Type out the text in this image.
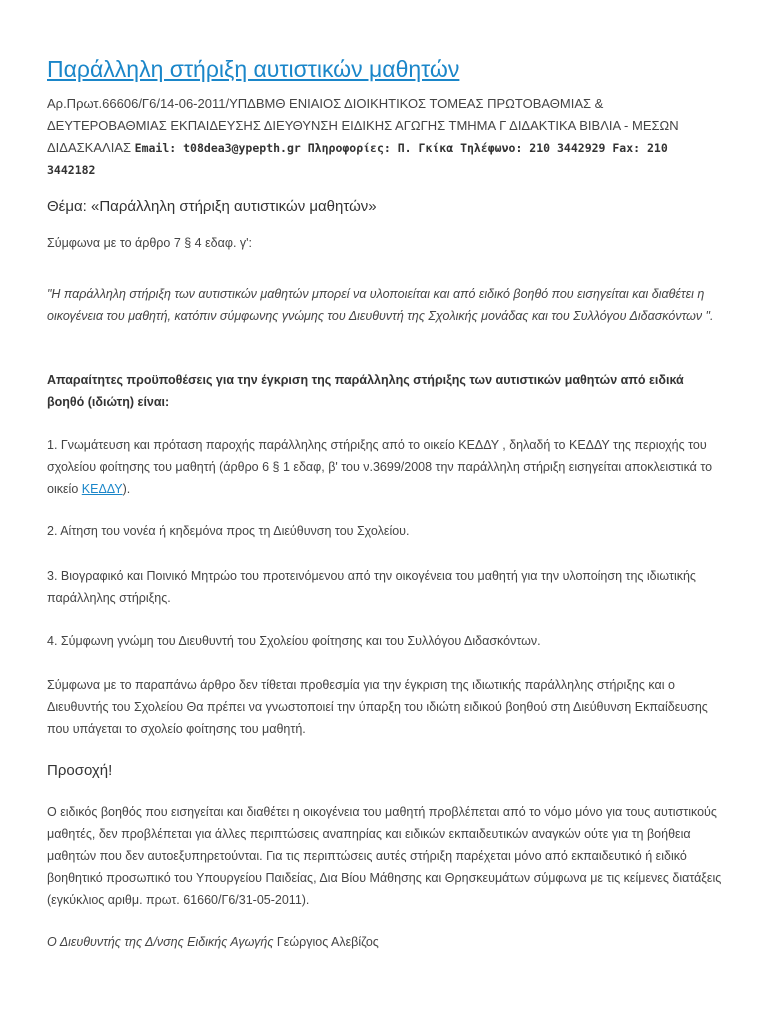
Παράλληλη στήριξη αυτιστικών μαθητών
Αρ.Πρωτ.66606/Γ6/14-06-2011/ΥΠΔΒΜΘ ΕΝΙΑΙΟΣ ΔΙΟΙΚΗΤΙΚΟΣ ΤΟΜΕΑΣ ΠΡΩΤΟΒΑΘΜΙΑΣ & ΔΕΥΤΕΡΟΒΑΘΜΙΑΣ ΕΚΠΑΙΔΕΥΣΗΣ ΔΙΕΥΘΥΝΣΗ ΕΙΔΙΚΗΣ ΑΓΩΓΗΣ ΤΜΗΜΑ Γ ΔΙΔΑΚΤΙΚΑ ΒΙΒΛΙΑ - ΜΕΣΩΝ ΔΙΔΑΣΚΑΛΙΑΣ Email: t08dea3@ypepth.gr Πληροφορίες: Π. Γκίκα Τηλέφωνο: 210 3442929 Fax: 210 3442182
Θέμα: «Παράλληλη στήριξη αυτιστικών μαθητών»

Σύμφωνα με το άρθρο 7 § 4 εδαφ. γ':

"Η παράλληλη στήριξη των αυτιστικών μαθητών μπορεί να υλοποιείται και από ειδικό βοηθό που εισηγείται και διαθέτει η οικογένεια του μαθητή, κατόπιν σύμφωνης γνώμης του Διευθυντή της Σχολικής μονάδας και του Συλλόγου Διδασκόντων ".

Απαραίτητες προϋποθέσεις για την έγκριση της παράλληλης στήριξης των αυτιστικών μαθητών από ειδικά βοηθό (ιδιώτη) είναι:

1. Γνωμάτευση και πρόταση παροχής παράλληλης στήριξης από το οικείο ΚΕΔΔΥ , δηλαδή το ΚΕΔΔΥ της περιοχής του σχολείου φοίτησης του μαθητή (άρθρο 6 § 1 εδαφ, β' του ν.3699/2008 την παράλληλη στήριξη εισηγείται αποκλειστικά το οικείο ΚΕΔΔΥ).

2. Αίτηση του νονέα ή κηδεμόνα προς τη Διεύθυνση του Σχολείου.

3. Βιογραφικό και Ποινικό Μητρώο του προτεινόμενου από την οικογένεια του μαθητή για την υλοποίηση της ιδιωτικής παράλληλης στήριξης.

4. Σύμφωνη γνώμη του Διευθυντή του Σχολείου φοίτησης και του Συλλόγου Διδασκόντων.

Σύμφωνα με το παραπάνω άρθρο δεν τίθεται προθεσμία για την έγκριση της ιδιωτικής παράλληλης στήριξης και ο Διευθυντής του Σχολείου Θα πρέπει να γνωστοποιεί την ύπαρξη του ιδιώτη ειδικού βοηθού στη Διεύθυνση Εκπαίδευσης που υπάγεται το σχολείο φοίτησης του μαθητή.

Προσοχή!

Ο ειδικός βοηθός που εισηγείται και διαθέτει η οικογένεια του μαθητή προβλέπεται από το νόμο μόνο για τους αυτιστικούς μαθητές, δεν προβλέπεται για άλλες περιπτώσεις αναπηρίας και ειδικών εκπαιδευτικών αναγκών ούτε για τη βοήθεια μαθητών που δεν αυτοεξυπηρετούνται. Για τις περιπτώσεις αυτές στήριξη παρέχεται μόνο από εκπαιδευτικό ή ειδικό βοηθητικό προσωπικό του Υπουργείου Παιδείας, Δια Βίου Μάθησης και Θρησκευμάτων σύμφωνα με τις κείμενες διατάξεις (εγκύκλιος αριθμ. πρωτ. 61660/Γ6/31-05-2011).

Ο Διευθυντής της Δ/νσης Ειδικής Αγωγής Γεώργιος Αλεβίζος
